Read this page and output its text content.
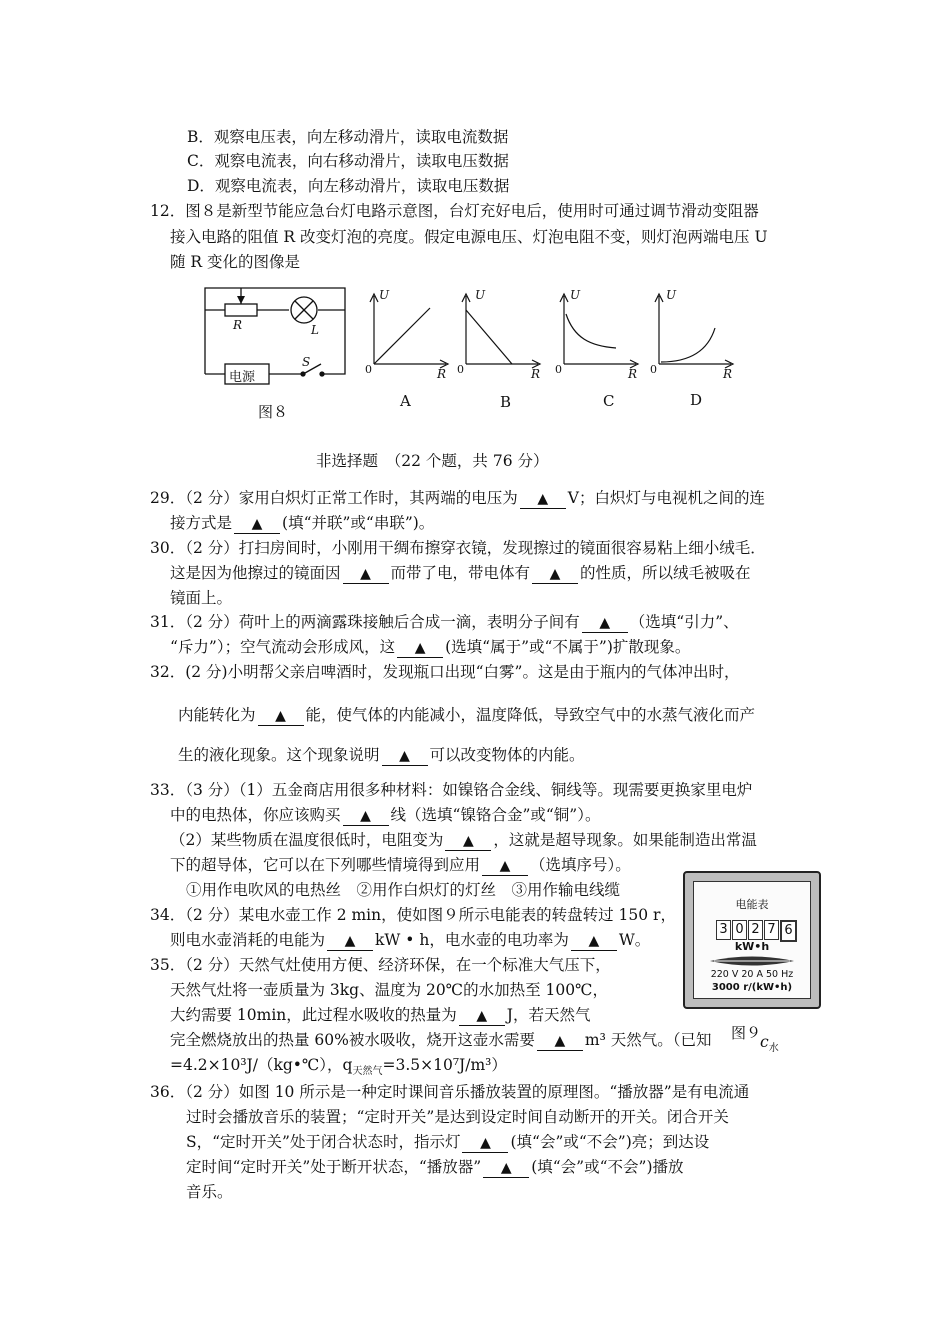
B．观察电压表，向左移动滑片，读取电流数据
C．观察电流表，向右移动滑片，读取电压数据
D．观察电流表，向左移动滑片，读取电压数据
12．图８是新型节能应急台灯电路示意图，台灯充好电后，使用时可通过调节滑动变阻器
接入电路的阻值 R 改变灯泡的亮度。假定电源电压、灯泡电阻不变，则灯泡两端电压 U
随 R 变化的图像是
R	L
S
电源
图８
U
R
0
A
U
R
0
B
U
R
0
C
U
R
0
D
非选择题　（22 个题，共 76 分）
29．（2 分）家用白炽灯正常工作时，其两端的电压为 ▲ V；白炽灯与电视机之间的连
接方式是 ▲ (填“并联”或“串联”)。
30．（2 分）打扫房间时，小刚用干绸布擦穿衣镜，发现擦过的镜面很容易粘上细小绒毛．
这是因为他擦过的镜面因 ▲ 而带了电，带电体有 ▲ 的性质，所以绒毛被吸在
镜面上。
31．（2 分）荷叶上的两滴露珠接触后合成一滴，表明分子间有 ▲ （选填“引力”、
“斥力”）；空气流动会形成风，这 ▲ (选填“属于”或“不属于”)扩散现象。
32．(2 分)小明帮父亲启啤酒时，发现瓶口出现“白雾”。这是由于瓶内的气体冲出时，
内能转化为 ▲ 能，使气体的内能减小，温度降低，导致空气中的水蒸气液化而产
生的液化现象。这个现象说明 ▲ 可以改变物体的内能。
33．（3 分）（1）五金商店用很多种材料：如镍铬合金线、铜线等。现需要更换家里电炉
中的电热体，你应该购买 ▲ 线（选填“镍铬合金”或“铜”）。
（2）某些物质在温度很低时，电阻变为 ▲ ，这就是超导现象。如果能制造出常温
下的超导体，它可以在下列哪些情境得到应用 ▲ （选填序号）。
①用作电吹风的电热丝　②用作白炽灯的灯丝　③用作输电线缆
34．（2 分）某电水壶工作 2 min，使如图９所示电能表的转盘转过 150 r，
则电水壶消耗的电能为 ▲ kW • h，电水壶的电功率为 ▲ W。
35．（2 分）天然气灶使用方便、经济环保，在一个标准大气压下，
天然气灶将一壶质量为 3kg、温度为 20℃的水加热至 100℃，
大约需要 10min，此过程水吸收的热量为 ▲ J，若天然气
完全燃烧放出的热量 60%被水吸收，烧开这壶水需要 ▲ m³ 天然气。（已知	$c_水$
=4.2×10³J/（kg•℃），$q_{天然气}=3.5\times 10^7J/m^3$）
电能表
3 0 2 7 6
kW•h
220 V 20 A 50 Hz
3000 r/(kW•h)
图９
36．（2 分）如图 10 所示是一种定时课间音乐播放装置的原理图。“播放器”是有电流通
过时会播放音乐的装置；“定时开关”是达到设定时间自动断开的开关。闭合开关
S，“定时开关”处于闭合状态时，指示灯 ▲ (填“会”或“不会”)亮；到达设
定时间“定时开关”处于断开状态，“播放器” ▲ (填“会”或“不会”)播放
音乐。
